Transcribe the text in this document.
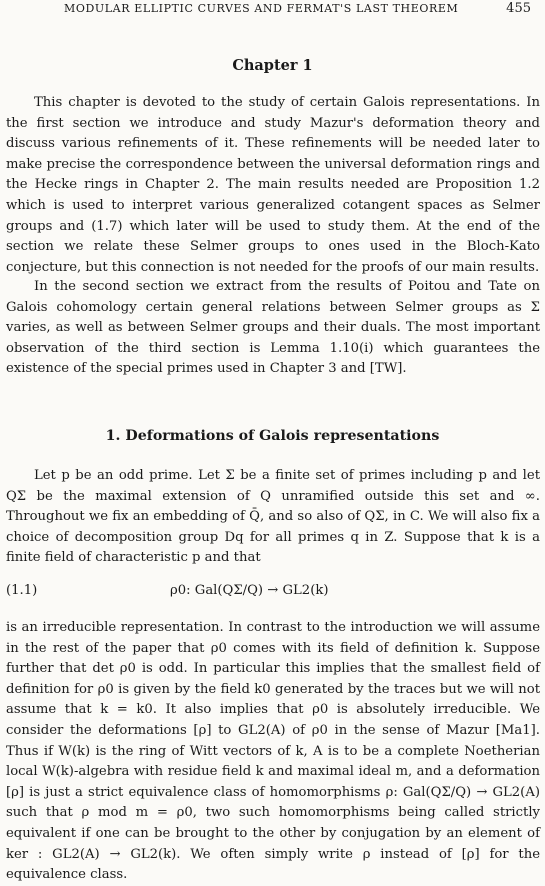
MODULAR ELLIPTIC CURVES AND FERMAT'S LAST THEOREM	455
Chapter 1

This chapter is devoted to the study of certain Galois representations. In the first section we introduce and study Mazur's deformation theory and discuss various refinements of it. These refinements will be needed later to make precise the correspondence between the universal deformation rings and the Hecke rings in Chapter 2. The main results needed are Proposition 1.2 which is used to interpret various generalized cotangent spaces as Selmer groups and (1.7) which later will be used to study them. At the end of the section we relate these Selmer groups to ones used in the Bloch-Kato conjecture, but this connection is not needed for the proofs of our main results.

In the second section we extract from the results of Poitou and Tate on Galois cohomology certain general relations between Selmer groups as Σ varies, as well as between Selmer groups and their duals. The most important observation of the third section is Lemma 1.10(i) which guarantees the existence of the special primes used in Chapter 3 and [TW].

1. Deformations of Galois representations

Let p be an odd prime. Let Σ be a finite set of primes including p and let QΣ be the maximal extension of Q unramified outside this set and ∞. Throughout we fix an embedding of Q̄, and so also of QΣ, in C. We will also fix a choice of decomposition group Dq for all primes q in Z. Suppose that k is a finite field of characteristic p and that

(1.1)	ρ0: Gal(QΣ/Q) → GL2(k)

is an irreducible representation. In contrast to the introduction we will assume in the rest of the paper that ρ0 comes with its field of definition k. Suppose further that det ρ0 is odd. In particular this implies that the smallest field of definition for ρ0 is given by the field k0 generated by the traces but we will not assume that k = k0. It also implies that ρ0 is absolutely irreducible. We consider the deformations [ρ] to GL2(A) of ρ0 in the sense of Mazur [Ma1]. Thus if W(k) is the ring of Witt vectors of k, A is to be a complete Noetherian local W(k)-algebra with residue field k and maximal ideal m, and a deformation [ρ] is just a strict equivalence class of homomorphisms ρ: Gal(QΣ/Q) → GL2(A) such that ρ mod m = ρ0, two such homomorphisms being called strictly equivalent if one can be brought to the other by conjugation by an element of ker : GL2(A) → GL2(k). We often simply write ρ instead of [ρ] for the equivalence class.
